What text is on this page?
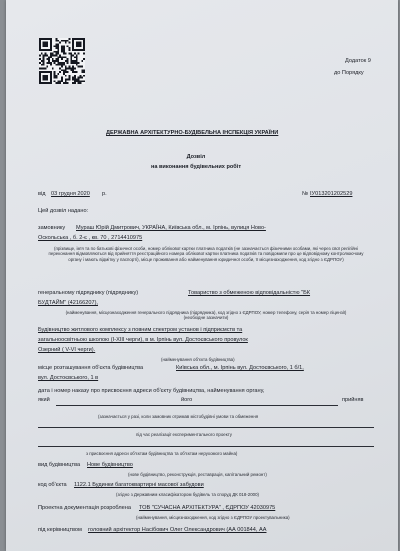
Додаток 9
до Порядку
ДЕРЖАВНА АРХІТЕКТУРНО-БУДІВЕЛЬНА ІНСПЕКЦІЯ УКРАЇНИ
Дозвіл
на виконання будівельних робіт
від 03 грудня 2020 р.	№ ІУ013201202529
Цей дозвіл надано:
замовнику Мураш Юрій Дмитрович, УКРАЇНА, Київська обл., м. Ірпінь, вулиця Ново-
Оскольська , б. 2-є , кв. 70 , 2714410975
(прізвище, ім'я та по батькові фізичної особи, номер облікової картки платника податків (не зазначається фізичними особами, які через свої релігійні переконання відмовляються від прийняття реєстраційного номера облікової картки платника податків та повідомили про це відповідному контролюючому органу і мають відмітку у паспорті), місце проживання або найменування юридичної особи, її місцезнаходження, код згідно з ЄДРПОУ)
генеральному підряднику (підряднику)	Товариство з обмеженою відповідальністю "БК
БУДТАЙМ" (42166207),
(найменування, місцезнаходження генерального підрядника (підрядника), код згідно з ЄДРПОУ, номер телефону, серія та номер ліцензії) (необхідне зазначити)
Будівництво житлового комплексу з повним спектром установ і підприємств та
загальноосвітньою школою (І-ХІІІ черги), в м. Ірпінь вул. Достоєвського провулок
Озерний ( V-VI черги).
(найменування об'єкта будівництва)
місце розташування об'єкта будівництва	Київська обл., м. Ірпінь вул. Достоєвського, 1 б/1,
вул. Достоєвського, 1 в
дата і номер наказу про присвоєння адреси об'єкту будівництва, найменування органу,
який	його	прийняв
(зазначається у разі, коли замовник отримав містобудівні умови та обмеження
під час реалізації експериментального проекту
з присвоєння адреси об'єктам будівництва та об'єктам нерухомого майна)
вид будівництва Нове будівництво
(нове будівництво, реконструкція, реставрація, капітальний ремонт)
код об'єкта 1122.1 Будинки багатоквартирні масової забудови
(згідно з Державним класифікатором будівель та споруд ДК 018-2000)
Проектна документація розроблена ТОВ "СУЧАСНА АРХІТЕКТУРА" , ЄДРПОУ 42030975
(найменування, місцезнаходження, код згідно з ЄДРПОУ проектувальника)
під керівництвом головний архітектор Насібович Олег Олександрович (АА 001844, АА
